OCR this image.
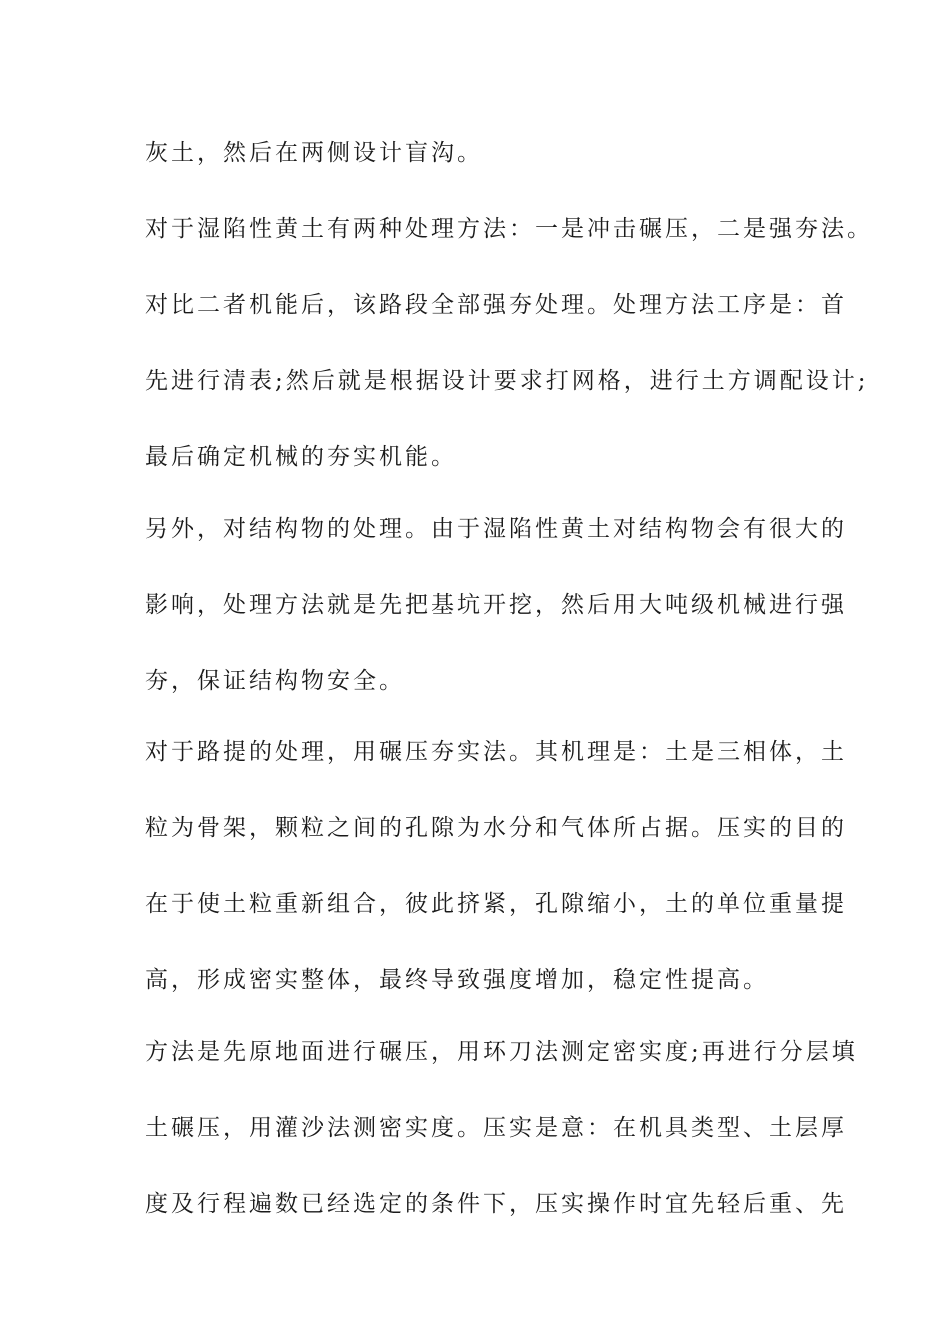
灰土，然后在两侧设计盲沟。
对于湿陷性黄土有两种处理方法：一是冲击碾压，二是强夯法。
对比二者机能后，该路段全部强夯处理。处理方法工序是：首
先进行清表;然后就是根据设计要求打网格，进行土方调配设计;
最后确定机械的夯实机能。
另外，对结构物的处理。由于湿陷性黄土对结构物会有很大的
影响，处理方法就是先把基坑开挖，然后用大吨级机械进行强
夯，保证结构物安全。
对于路提的处理，用碾压夯实法。其机理是：土是三相体，土
粒为骨架，颗粒之间的孔隙为水分和气体所占据。压实的目的
在于使土粒重新组合，彼此挤紧，孔隙缩小，土的单位重量提
高，形成密实整体，最终导致强度增加，稳定性提高。
方法是先原地面进行碾压，用环刀法测定密实度;再进行分层填
土碾压，用灌沙法测密实度。压实是意：在机具类型、土层厚
度及行程遍数已经选定的条件下，压实操作时宜先轻后重、先
